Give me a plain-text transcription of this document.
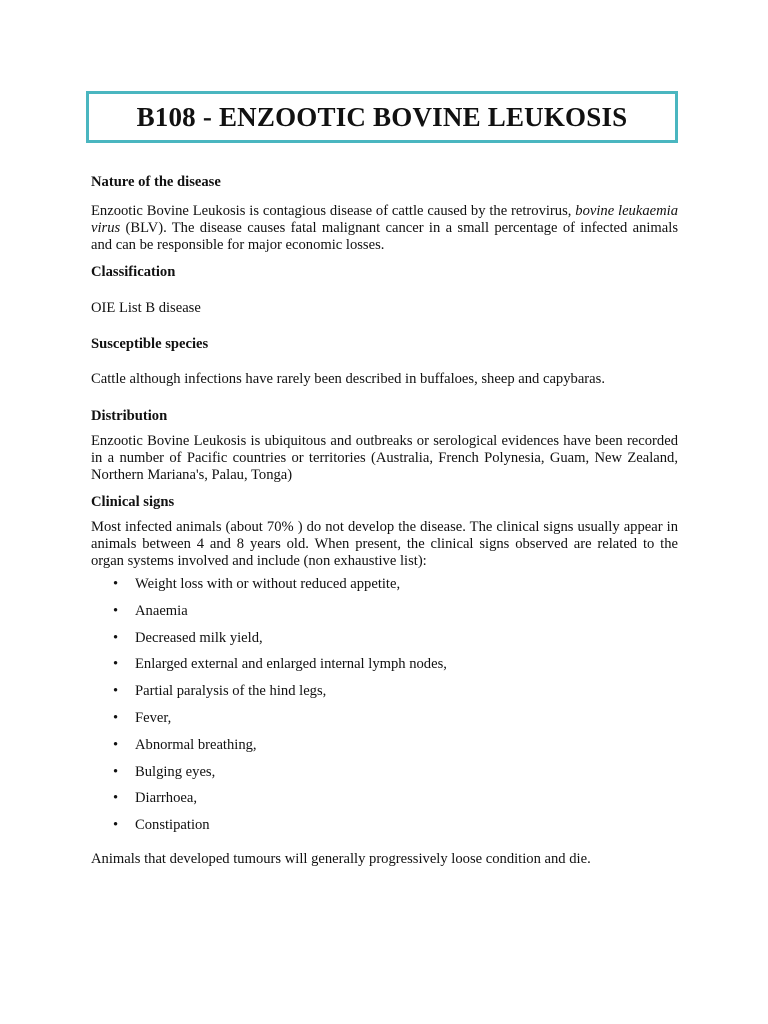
B108 - ENZOOTIC BOVINE LEUKOSIS

Nature of the disease

Enzootic Bovine Leukosis is contagious disease of cattle caused by the retrovirus, bovine leukaemia virus (BLV). The disease causes fatal malignant cancer in a small percentage of infected animals and can be responsible for major economic losses.

Classification

OIE List B disease

Susceptible species

Cattle although infections have rarely been described in buffaloes, sheep and capybaras.

Distribution

Enzootic Bovine Leukosis is ubiquitous and outbreaks or serological evidences have been recorded in a number of Pacific countries or territories (Australia, French Polynesia, Guam, New Zealand, Northern Mariana's, Palau, Tonga)

Clinical signs

Most infected animals (about 70% ) do not develop the disease. The clinical signs usually appear in animals between 4 and 8 years old. When present, the clinical signs observed are related to the organ systems involved and include (non exhaustive list):

• Weight loss with or without reduced appetite,
• Anaemia
• Decreased milk yield,
• Enlarged external and enlarged internal lymph nodes,
• Partial paralysis of the hind legs,
• Fever,
• Abnormal breathing,
• Bulging eyes,
• Diarrhoea,
• Constipation

Animals that developed tumours will generally progressively loose condition and die.
